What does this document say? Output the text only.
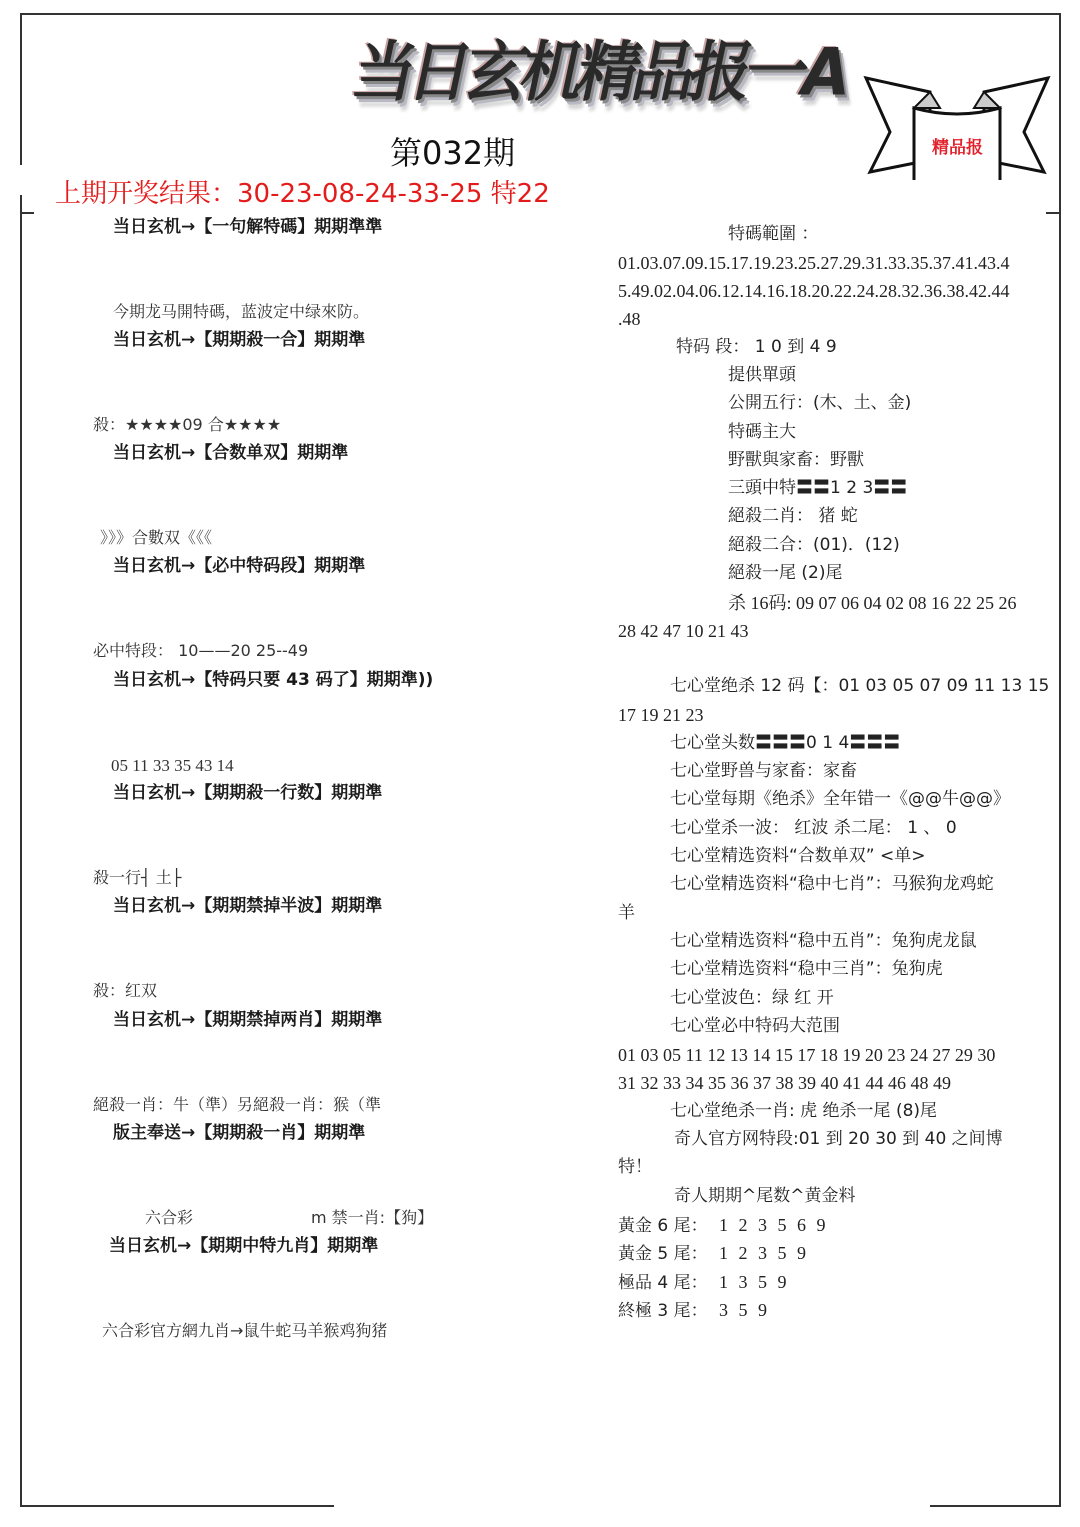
当日玄机精品报一A
精品报
第032期
上期开奖结果：30-23-08-24-33-25 特22
当日玄机→【一句解特碼】期期準準
今期龙马開特碼，蓝波定中绿來防。
当日玄机→【期期殺一合】期期準
殺：★★★★09 合★★★★
当日玄机→【合数单双】期期準
》》》合數双《《《
当日玄机→【必中特码段】期期準
必中特段： 10——20 25--49
当日玄机→【特码只要 43 码了】期期準))
05 11 33 35 43 14
当日玄机→【期期殺一行数】期期準
殺一行┤ 土├
当日玄机→【期期禁掉半波】期期準
殺：红双
当日玄机→【期期禁掉两肖】期期準
絕殺一肖：牛（準）另絕殺一肖：猴（準
版主奉送→【期期殺一肖】期期準
六合彩	m 禁一肖:【狗】
当日玄机→【期期中特九肖】期期準
六合彩官方網九肖→鼠牛蛇马羊猴鸡狗猪
特碼範圍 ：
01.03.07.09.15.17.19.23.25.27.29.31.33.35.37.41.43.4
5.49.02.04.06.12.14.16.18.20.22.24.28.32.36.38.42.44
.48
特码 段： 1 0 到 4 9
提供單頭
公開五行：(木、土、金)
特碼主大
野獸與家畜：野獸
三頭中特〓〓1 2 3〓〓
絕殺二肖： 猪 蛇
絕殺二合：(01)．(12)
絕殺一尾 (2)尾
杀 16码: 09 07 06 04 02 08 16 22 25 26
28 42 47 10 21 43
七心堂绝杀 12 码【：01 03 05 07 09 11 13 15
17 19 21 23
七心堂头数〓〓〓0 1 4〓〓〓
七心堂野兽与家畜：家畜
七心堂每期《绝杀》全年错一《@@牛@@》
七心堂杀一波： 红波 杀二尾： 1 、 0
七心堂精选资料“合数单双” <单>
七心堂精选资料“稳中七肖”：马猴狗龙鸡蛇
羊
七心堂精选资料“稳中五肖”：兔狗虎龙鼠
七心堂精选资料“稳中三肖”：兔狗虎
七心堂波色：绿 红 开
七心堂必中特码大范围
01 03 05 11 12 13 14 15 17 18 19 20 23 24 27 29 30
31 32 33 34 35 36 37 38 39 40 41 44 46 48 49
七心堂绝杀一肖: 虎 绝杀一尾 (8)尾
奇人官方网特段:01 到 20 30 到 40 之间博
特！
奇人期期^尾数^黄金料
黃金 6 尾： 1 2 3 5 6 9
黃金 5 尾： 1 2 3 5 9
極品 4 尾： 1 3 5 9
終極 3 尾： 3 5 9
